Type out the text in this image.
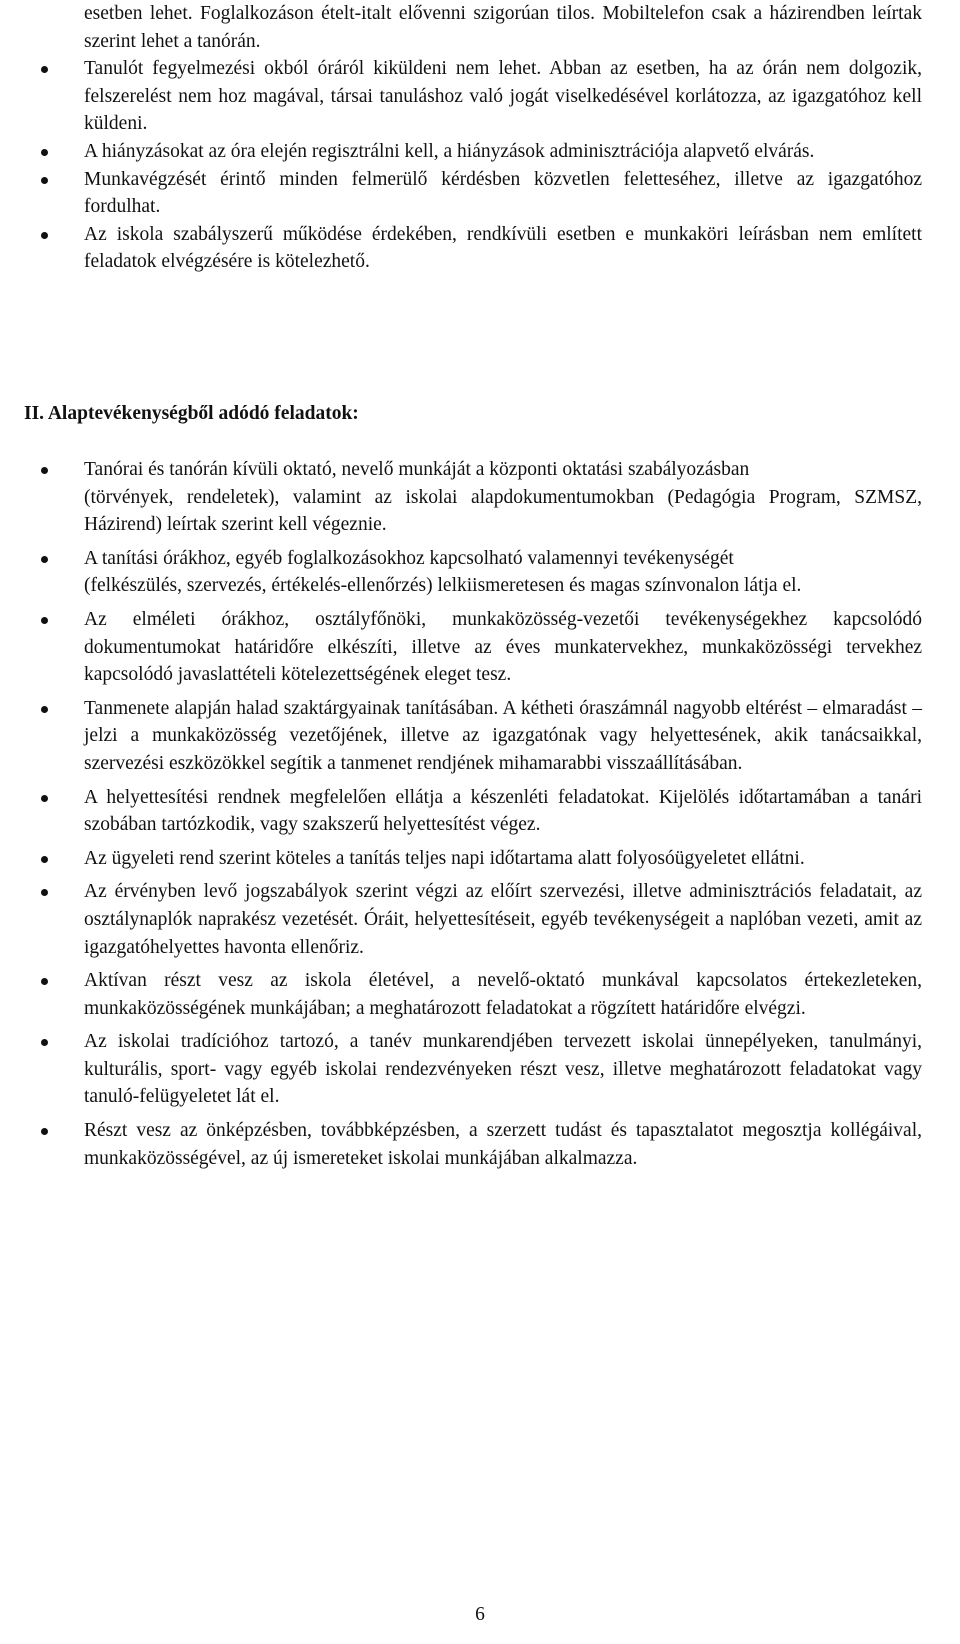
esetben lehet. Foglalkozáson ételt-italt elővenni szigorúan tilos. Mobiltelefon csak a házirendben leírtak szerint lehet a tanórán.
Tanulót fegyelmezési okból óráról kiküldeni nem lehet. Abban az esetben, ha az órán nem dolgozik, felszerelést nem hoz magával, társai tanuláshoz való jogát viselkedésével korlátozza, az igazgatóhoz kell küldeni.
A hiányzásokat az óra elején regisztrálni kell, a hiányzások adminisztrációja alapvető elvárás.
Munkavégzését érintő minden felmerülő kérdésben közvetlen feletteséhez, illetve az igazgatóhoz fordulhat.
Az iskola szabályszerű működése érdekében, rendkívüli esetben e munkaköri leírásban nem említett feladatok elvégzésére is kötelezhető.
II. Alaptevékenységből adódó feladatok:
Tanórai és tanórán kívüli oktató, nevelő munkáját a központi oktatási szabályozásban
(törvények, rendeletek), valamint az iskolai alapdokumentumokban (Pedagógia Program, SZMSZ, Házirend) leírtak szerint kell végeznie.
A tanítási órákhoz, egyéb foglalkozásokhoz kapcsolható valamennyi tevékenységét
(felkészülés, szervezés, értékelés-ellenőrzés) lelkiismeretesen és magas színvonalon látja el.
Az elméleti órákhoz, osztályfőnöki, munkaközösség-vezetői tevékenységekhez kapcsolódó dokumentumokat határidőre elkészíti, illetve az éves munkatervekhez, munkaközösségi tervekhez kapcsolódó javaslattételi kötelezettségének eleget tesz.
Tanmenete alapján halad szaktárgyainak tanításában. A kétheti óraszámnál nagyobb eltérést – elmaradást – jelzi a munkaközösség vezetőjének, illetve az igazgatónak vagy helyettesének, akik tanácsaikkal, szervezési eszközökkel segítik a tanmenet rendjének mihamarabbi visszaállításában.
A helyettesítési rendnek megfelelően ellátja a készenléti feladatokat. Kijelölés időtartamában a tanári szobában tartózkodik, vagy szakszerű helyettesítést végez.
Az ügyeleti rend szerint köteles a tanítás teljes napi időtartama alatt folyosóügyeletet ellátni.
Az érvényben levő jogszabályok szerint végzi az előírt szervezési, illetve adminisztrációs feladatait, az osztálynaplók naprakész vezetését. Óráit, helyettesítéseit, egyéb tevékenységeit a naplóban vezeti, amit az igazgatóhelyettes havonta ellenőriz.
Aktívan részt vesz az iskola életével, a nevelő-oktató munkával kapcsolatos értekezleteken, munkaközösségének munkájában; a meghatározott feladatokat a rögzített határidőre elvégzi.
Az iskolai tradícióhoz tartozó, a tanév munkarendjében tervezett iskolai ünnepélyeken, tanulmányi, kulturális, sport- vagy egyéb iskolai rendezvényeken részt vesz, illetve meghatározott feladatokat vagy tanuló-felügyeletet lát el.
Részt vesz az önképzésben, továbbképzésben, a szerzett tudást és tapasztalatot megosztja kollégáival, munkaközösségével, az új ismereteket iskolai munkájában alkalmazza.
6
